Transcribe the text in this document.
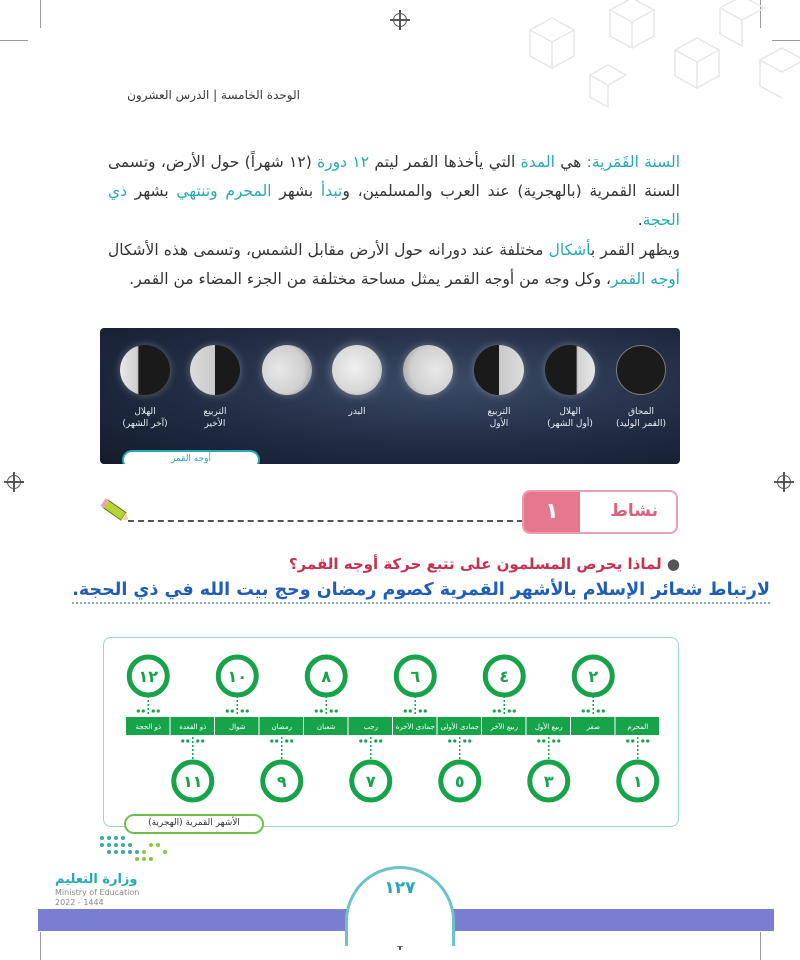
الوحدة الخامسة | الدرس العشرون

السنة القَمَرية: هي المدة التي يأخذها القمر ليتم ١٢ دورة (١٢ شهراً) حول الأرض، وتسمى السنة القمرية (بالهجرية) عند العرب والمسلمين، وتبدأ بشهر المحرم وتنتهي بشهر ذي الحجة.

ويظهر القمر بأشكال مختلفة عند دورانه حول الأرض مقابل الشمس، وتسمى هذه الأشكال أوجه القمر، وكل وجه من أوجه القمر يمثل مساحة مختلفة من الجزء المضاء من القمر.

المحاق
(القمر الوليد)
الهلال
(أول الشهر)
التربيع
الأول
البدر
التربيع
الأخير
الهلال
(آخر الشهر)
أوجه القمر
١	نشاط
● لماذا يحرص المسلمون على تتبع حركة أوجه القمر؟
لارتباط شعائر الإسلام بالأشهر القمرية كصوم رمضان وحج بيت الله في ذي الحجة.
المحرم
١
صفر
٢
ربيع الأول
٣
ربيع الآخر
٤
جمادى الأولى
٥
جمادى الآخرة
٦
رجب
٧
شعبان
٨
رمضان
٩
شوال
١٠
ذو القعدة
١١
ذو الحجة
١٢
الأشهر القمرية (الهجرية)
وزارة التعليم
Ministry of Education
2022 - 1444
١٢٧
